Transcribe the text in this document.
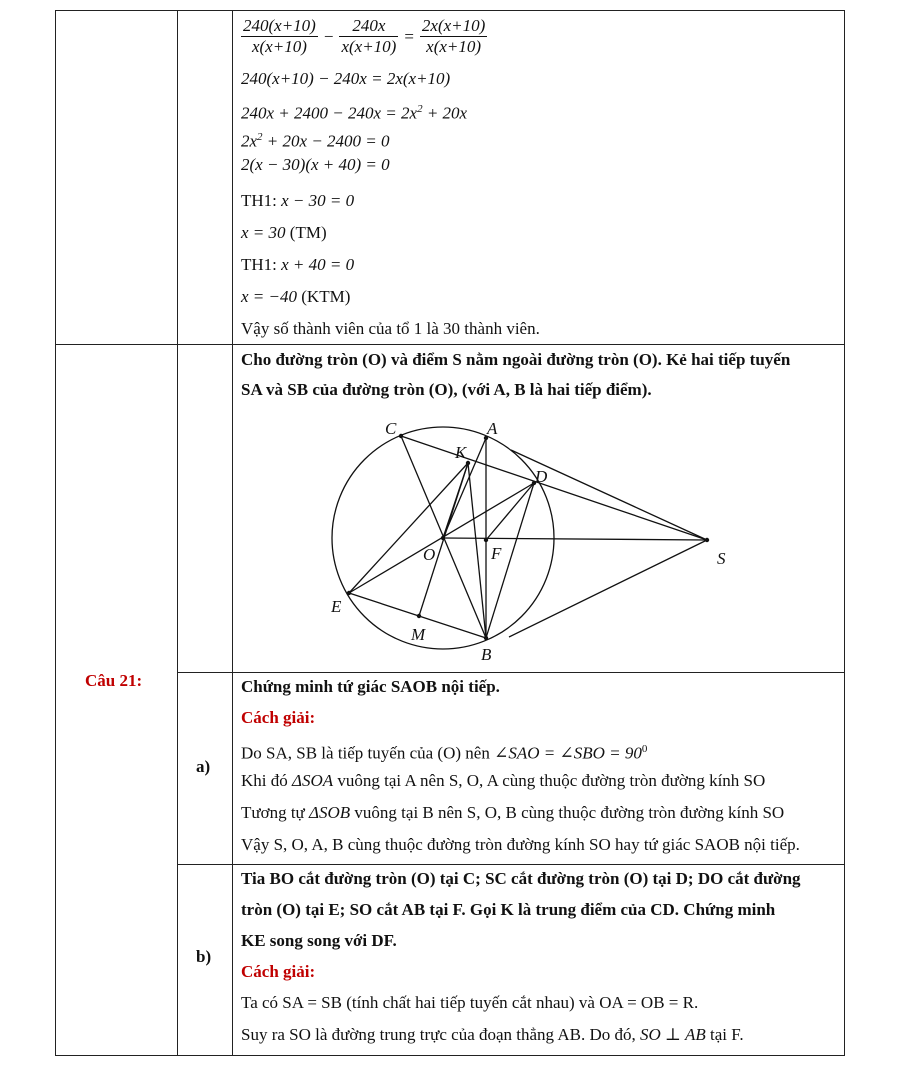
$\frac{240(x+10)}{x(x+10)} - \frac{240x}{x(x+10)} = \frac{2x(x+10)}{x(x+10)}$
240(x+10) − 240x = 2x(x+10)
$240x + 2400 - 240x = 2x^2 + 20x$
$2x^2 + 20x - 2400 = 0$
2(x − 30)(x + 40) = 0
TH1: x − 30 = 0
x = 30 (TM)
TH1: x + 40 = 0
x = −40 (KTM)
Vậy số thành viên của tổ 1 là 30 thành viên.
Câu 21:
Cho đường tròn (O) và điểm S nằm ngoài đường tròn (O). Kẻ hai tiếp tuyến
SA và SB của đường tròn (O), (với A, B là hai tiếp điểm).
C	A
K
D
O	F	S
E
M
B
a)
Chứng minh tứ giác SAOB nội tiếp.
Cách giải:
Do SA, SB là tiếp tuyến của (O) nên ∠SAO = ∠SBO = $90^0$
Khi đó ΔSOA vuông tại A nên S, O, A cùng thuộc đường tròn đường kính SO
Tương tự ΔSOB vuông tại B nên S, O, B cùng thuộc đường tròn đường kính SO
Vậy S, O, A, B cùng thuộc đường tròn đường kính SO hay tứ giác SAOB nội tiếp.
b)
Tia BO cắt đường tròn (O) tại C; SC cắt đường tròn (O) tại D; DO cắt đường
tròn (O) tại E; SO cắt AB tại F. Gọi K là trung điểm của CD. Chứng minh
KE song song với DF.
Cách giải:
Ta có SA = SB (tính chất hai tiếp tuyến cắt nhau) và OA = OB = R.
Suy ra SO là đường trung trực của đoạn thẳng AB. Do đó, SO ⊥ AB tại F.
